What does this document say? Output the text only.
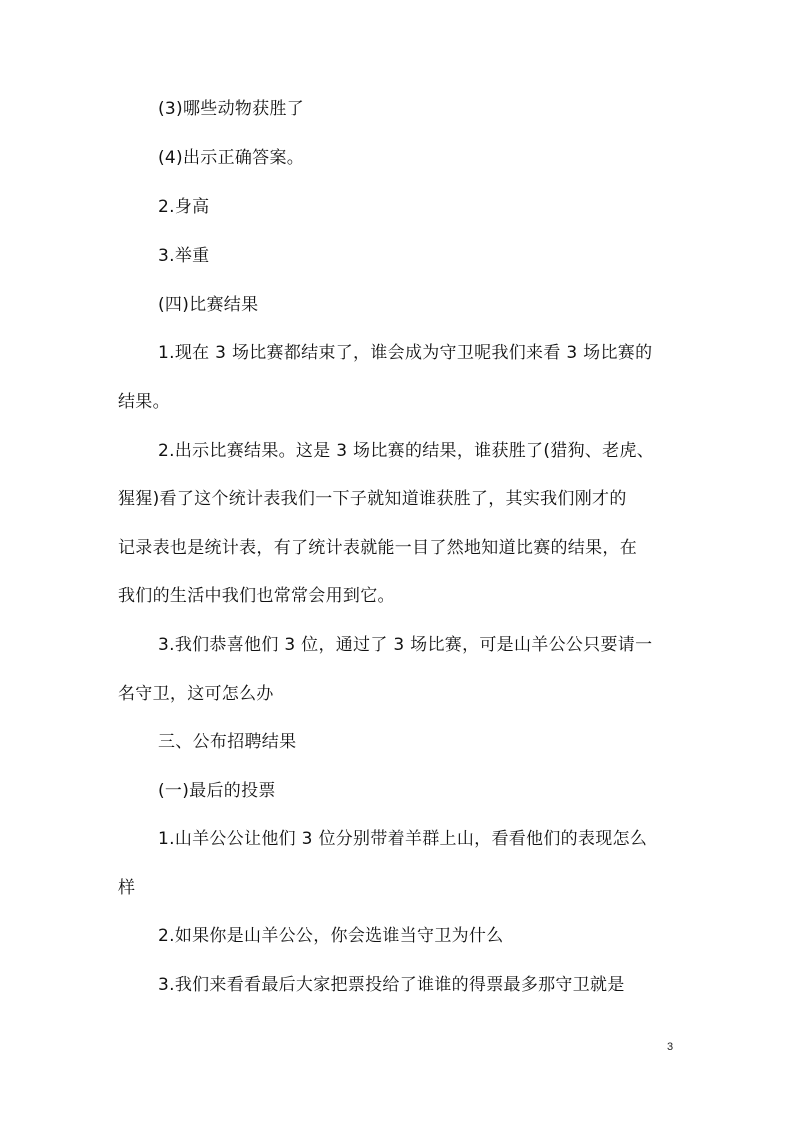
(3)哪些动物获胜了
(4)出示正确答案。
2.身高
3.举重
(四)比赛结果
1.现在 3 场比赛都结束了，谁会成为守卫呢我们来看 3 场比赛的
结果。
2.出示比赛结果。这是 3 场比赛的结果，谁获胜了(猎狗、老虎、
猩猩)看了这个统计表我们一下子就知道谁获胜了，其实我们刚才的
记录表也是统计表，有了统计表就能一目了然地知道比赛的结果，在
我们的生活中我们也常常会用到它。
3.我们恭喜他们 3 位，通过了 3 场比赛，可是山羊公公只要请一
名守卫，这可怎么办
三、公布招聘结果
(一)最后的投票
1.山羊公公让他们 3 位分别带着羊群上山，看看他们的表现怎么
样
2.如果你是山羊公公，你会选谁当守卫为什么
3.我们来看看最后大家把票投给了谁谁的得票最多那守卫就是
3
